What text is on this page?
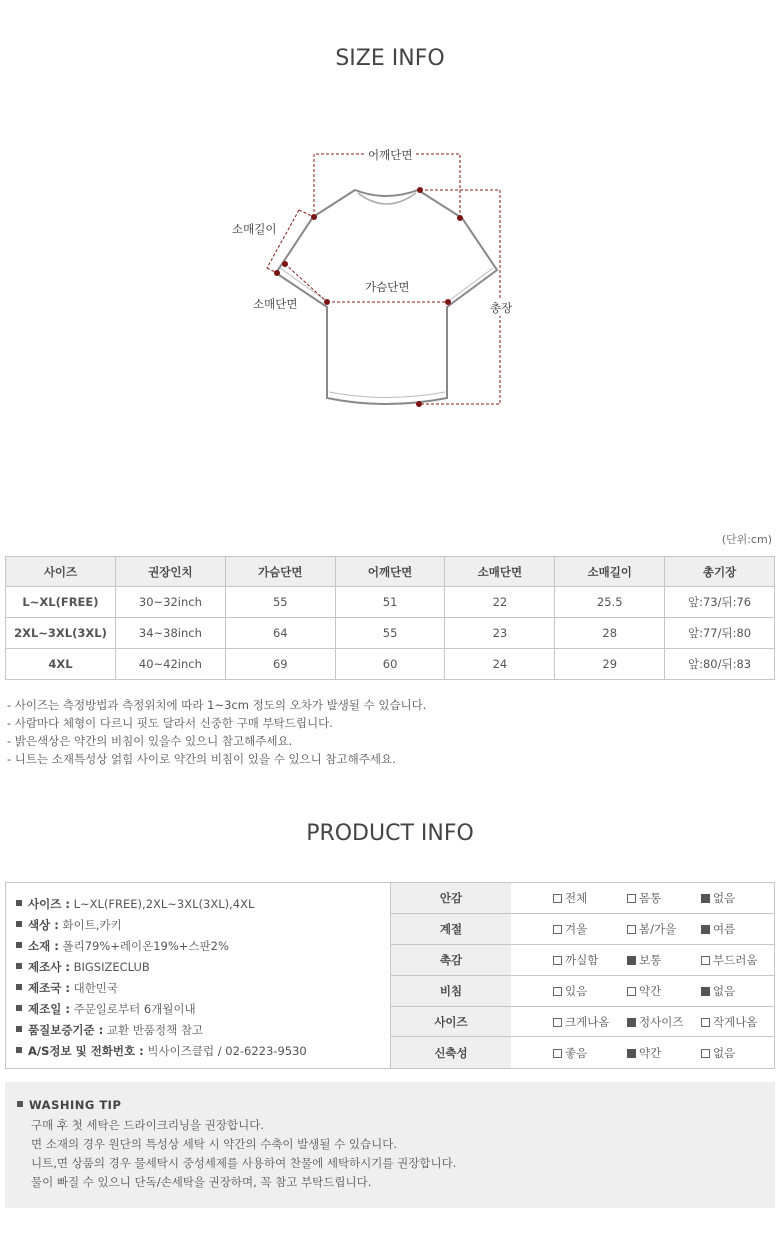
SIZE INFO
어깨단면
소매길이
소매단면
가슴단면
총장
(단위:cm)
사이즈	권장인치	가슴단면	어깨단면	소매단면	소매길이	총기장
L~XL(FREE)	30~32inch	55	51	22	25.5	앞:73/뒤:76
2XL~3XL(3XL)	34~38inch	64	55	23	28	앞:77/뒤:80
4XL	40~42inch	69	60	24	29	앞:80/뒤:83
- 사이즈는 측정방법과 측정위치에 따라 1~3cm 정도의 오차가 발생될 수 있습니다.
- 사람마다 체형이 다르니 핏도 달라서 신중한 구매 부탁드립니다.
- 밝은색상은 약간의 비침이 있을수 있으니 참고해주세요.
- 니트는 소재특성상 얽힘 사이로 약간의 비침이 있을 수 있으니 참고해주세요.
PRODUCT INFO
사이즈 : L~XL(FREE),2XL~3XL(3XL),4XL
색상 : 화이트,카키
소재 : 폴리79%+레이온19%+스판2%
제조사 : BIGSIZECLUB
제조국 : 대한민국
제조일 : 주문일로부터 6개월이내
품질보증기준 : 교환 반품정책 참고
A/S정보 및 전화번호 : 빅사이즈클럽 / 02-6223-9530
안감	전체 몸통 없음
계절	겨울 봄/가을 여름
촉감	까실함 보통 부드러움
비침	있음 약간 없음
사이즈	크게나옴 정사이즈 작게나옴
신축성	좋음 약간 없음
WASHING TIP
구매 후 첫 세탁은 드라이크리닝을 권장합니다.
면 소재의 경우 원단의 특성상 세탁 시 약간의 수축이 발생될 수 있습니다.
니트,면 상품의 경우 물세탁시 중성세제를 사용하여 찬물에 세탁하시기를 권장합니다.
물이 빠질 수 있으니 단독/손세탁을 권장하며, 꼭 참고 부탁드립니다.
